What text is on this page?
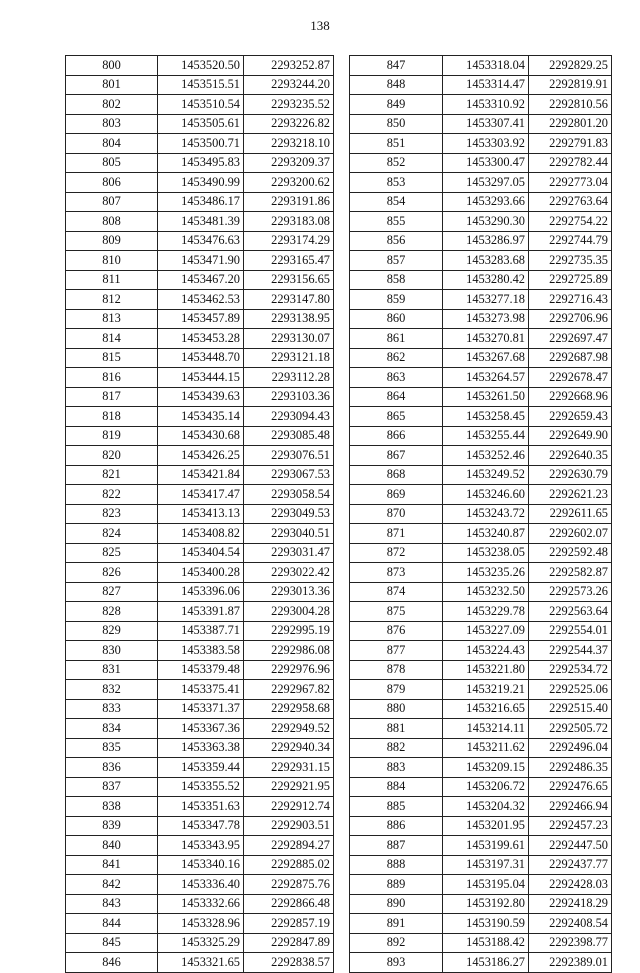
138
800	1453520.50	2293252.87
801	1453515.51	2293244.20
802	1453510.54	2293235.52
803	1453505.61	2293226.82
804	1453500.71	2293218.10
805	1453495.83	2293209.37
806	1453490.99	2293200.62
807	1453486.17	2293191.86
808	1453481.39	2293183.08
809	1453476.63	2293174.29
810	1453471.90	2293165.47
811	1453467.20	2293156.65
812	1453462.53	2293147.80
813	1453457.89	2293138.95
814	1453453.28	2293130.07
815	1453448.70	2293121.18
816	1453444.15	2293112.28
817	1453439.63	2293103.36
818	1453435.14	2293094.43
819	1453430.68	2293085.48
820	1453426.25	2293076.51
821	1453421.84	2293067.53
822	1453417.47	2293058.54
823	1453413.13	2293049.53
824	1453408.82	2293040.51
825	1453404.54	2293031.47
826	1453400.28	2293022.42
827	1453396.06	2293013.36
828	1453391.87	2293004.28
829	1453387.71	2292995.19
830	1453383.58	2292986.08
831	1453379.48	2292976.96
832	1453375.41	2292967.82
833	1453371.37	2292958.68
834	1453367.36	2292949.52
835	1453363.38	2292940.34
836	1453359.44	2292931.15
837	1453355.52	2292921.95
838	1453351.63	2292912.74
839	1453347.78	2292903.51
840	1453343.95	2292894.27
841	1453340.16	2292885.02
842	1453336.40	2292875.76
843	1453332.66	2292866.48
844	1453328.96	2292857.19
845	1453325.29	2292847.89
846	1453321.65	2292838.57
847	1453318.04	2292829.25
848	1453314.47	2292819.91
849	1453310.92	2292810.56
850	1453307.41	2292801.20
851	1453303.92	2292791.83
852	1453300.47	2292782.44
853	1453297.05	2292773.04
854	1453293.66	2292763.64
855	1453290.30	2292754.22
856	1453286.97	2292744.79
857	1453283.68	2292735.35
858	1453280.42	2292725.89
859	1453277.18	2292716.43
860	1453273.98	2292706.96
861	1453270.81	2292697.47
862	1453267.68	2292687.98
863	1453264.57	2292678.47
864	1453261.50	2292668.96
865	1453258.45	2292659.43
866	1453255.44	2292649.90
867	1453252.46	2292640.35
868	1453249.52	2292630.79
869	1453246.60	2292621.23
870	1453243.72	2292611.65
871	1453240.87	2292602.07
872	1453238.05	2292592.48
873	1453235.26	2292582.87
874	1453232.50	2292573.26
875	1453229.78	2292563.64
876	1453227.09	2292554.01
877	1453224.43	2292544.37
878	1453221.80	2292534.72
879	1453219.21	2292525.06
880	1453216.65	2292515.40
881	1453214.11	2292505.72
882	1453211.62	2292496.04
883	1453209.15	2292486.35
884	1453206.72	2292476.65
885	1453204.32	2292466.94
886	1453201.95	2292457.23
887	1453199.61	2292447.50
888	1453197.31	2292437.77
889	1453195.04	2292428.03
890	1453192.80	2292418.29
891	1453190.59	2292408.54
892	1453188.42	2292398.77
893	1453186.27	2292389.01
